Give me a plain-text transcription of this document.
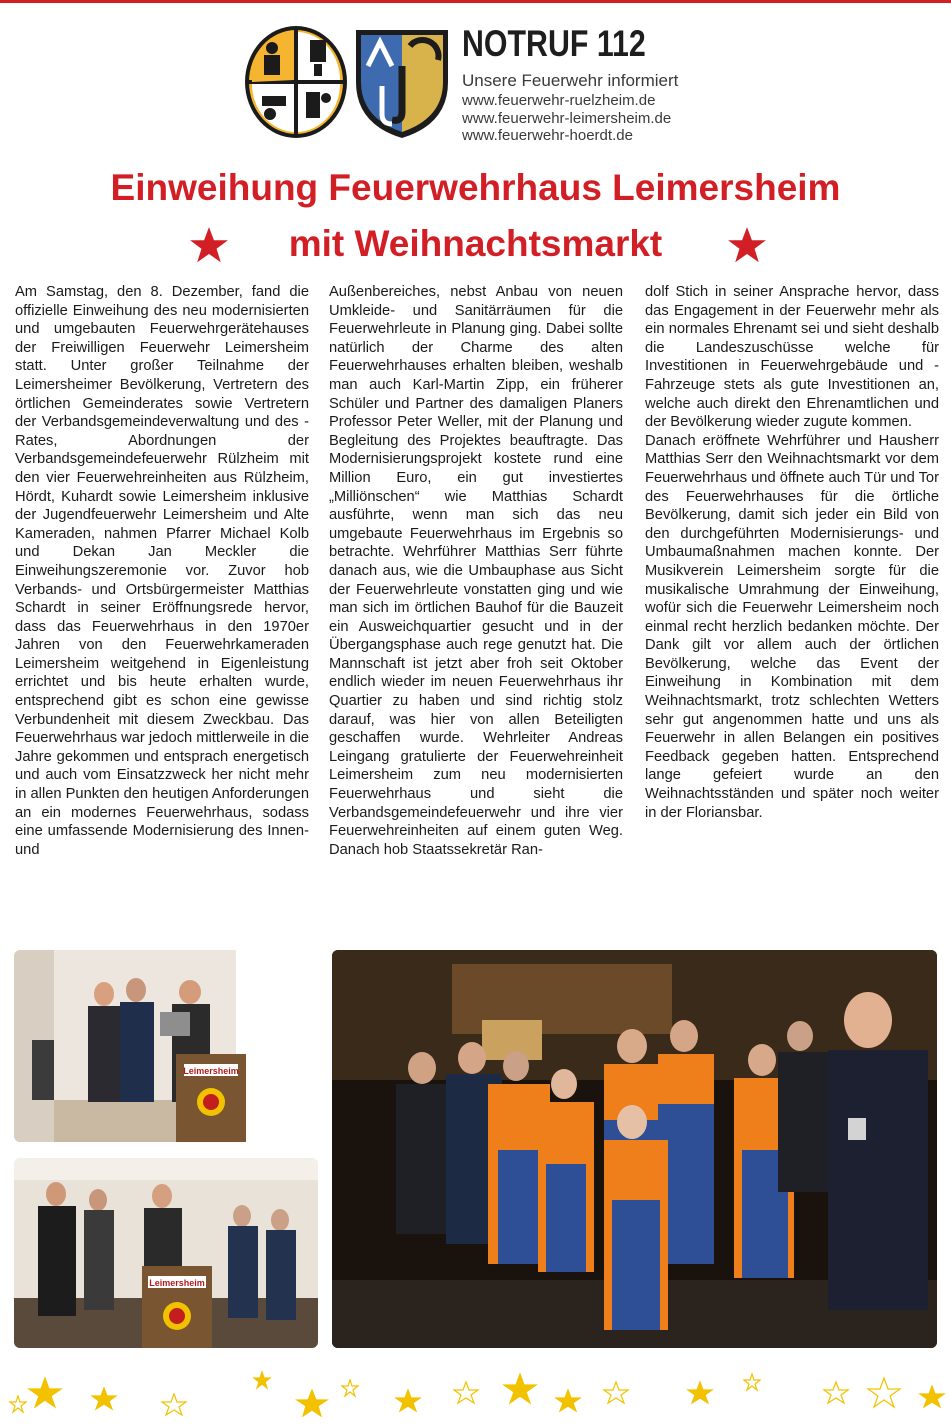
NOTRUF 112
Unsere Feuerwehr informiert
www.feuerwehr-ruelzheim.de
www.feuerwehr-leimersheim.de
www.feuerwehr-hoerdt.de
Einweihung Feuerwehrhaus Leimersheim
mit Weihnachtsmarkt

Am Samstag, den 8. Dezember, fand die offizielle Einweihung des neu modernisierten und umgebauten Feuerwehrgerätehauses der Freiwilligen Feuerwehr Leimersheim statt. Unter großer Teilnahme der Leimersheimer Bevölkerung, Vertretern des örtlichen Gemeinderates sowie Vertretern der Verbandsgemeindeverwaltung und des -Rates, Abordnungen der Verbandsgemeindefeuerwehr Rülzheim mit den vier Feuerwehreinheiten aus Rülzheim, Hördt, Kuhardt sowie Leimersheim inklusive der Jugendfeuerwehr Leimersheim und Alte Kameraden, nahmen Pfarrer Michael Kolb und Dekan Jan Meckler die Einweihungszeremonie vor. Zuvor hob Verbands- und Ortsbürgermeister Matthias Schardt in seiner Eröffnungsrede hervor, dass das Feuerwehrhaus in den 1970er Jahren von den Feuerwehrkameraden Leimersheim weitgehend in Eigenleistung errichtet und bis heute erhalten wurde, entsprechend gibt es schon eine gewisse Verbundenheit mit diesem Zweckbau. Das Feuerwehrhaus war jedoch mittlerweile in die Jahre gekommen und entsprach energetisch und auch vom Einsatzzweck her nicht mehr in allen Punkten den heutigen Anforderungen an ein modernes Feuerwehrhaus, sodass eine umfassende Modernisierung des Innen- und

Außenbereiches, nebst Anbau von neuen Umkleide- und Sanitärräumen für die Feuerwehrleute in Planung ging. Dabei sollte natürlich der Charme des alten Feuerwehrhauses erhalten bleiben, weshalb man auch Karl-Martin Zipp, ein früherer Schüler und Partner des damaligen Planers Professor Peter Weller, mit der Planung und Begleitung des Projektes beauftragte. Das Modernisierungsprojekt kostete rund eine Million Euro, ein gut investiertes „Milliönschen“ wie Matthias Schardt ausführte, wenn man sich das neu umgebaute Feuerwehrhaus im Ergebnis so betrachte. Wehrführer Matthias Serr führte danach aus, wie die Umbauphase aus Sicht der Feuerwehrleute vonstatten ging und wie man sich im örtlichen Bauhof für die Bauzeit ein Ausweichquartier gesucht und in der Übergangsphase auch rege genutzt hat. Die Mannschaft ist jetzt aber froh seit Oktober endlich wieder im neuen Feuerwehrhaus ihr Quartier zu haben und sind richtig stolz darauf, was hier von allen Beteiligten geschaffen wurde. Wehrleiter Andreas Leingang gratulierte der Feuerwehreinheit Leimersheim zum neu modernisierten Feuerwehrhaus und sieht die Verbandsgemeindefeuerwehr und ihre vier Feuerwehreinheiten auf einem guten Weg. Danach hob Staatssekretär Ran-

dolf Stich in seiner Ansprache hervor, dass das Engagement in der Feuerwehr mehr als ein normales Ehrenamt sei und sieht deshalb die Landeszuschüsse welche für Investitionen in Feuerwehrgebäude und -Fahrzeuge stets als gute Investitionen an, welche auch direkt den Ehrenamtlichen und der Bevölkerung wieder zugute kommen.

Danach eröffnete Wehrführer und Hausherr Matthias Serr den Weihnachtsmarkt vor dem Feuerwehrhaus und öffnete auch Tür und Tor des Feuerwehrhauses für die örtliche Bevölkerung, damit sich jeder ein Bild von den durchgeführten Modernisierungs- und Umbaumaßnahmen machen konnte. Der Musikverein Leimersheim sorgte für die musikalische Umrahmung der Einweihung, wofür sich die Feuerwehr Leimersheim noch einmal recht herzlich bedanken möchte. Der Dank gilt vor allem auch der örtlichen Bevölkerung, welche das Event der Einweihung in Kombination mit dem Weihnachtsmarkt, trotz schlechten Wetters sehr gut angenommen hatte und uns als Feuerwehr in allen Belangen ein positives Feedback gegeben hatten. Entsprechend lange gefeiert wurde an den Weihnachtsständen und später noch weiter in der Floriansbar.

Leimersheim
Leimersheim
